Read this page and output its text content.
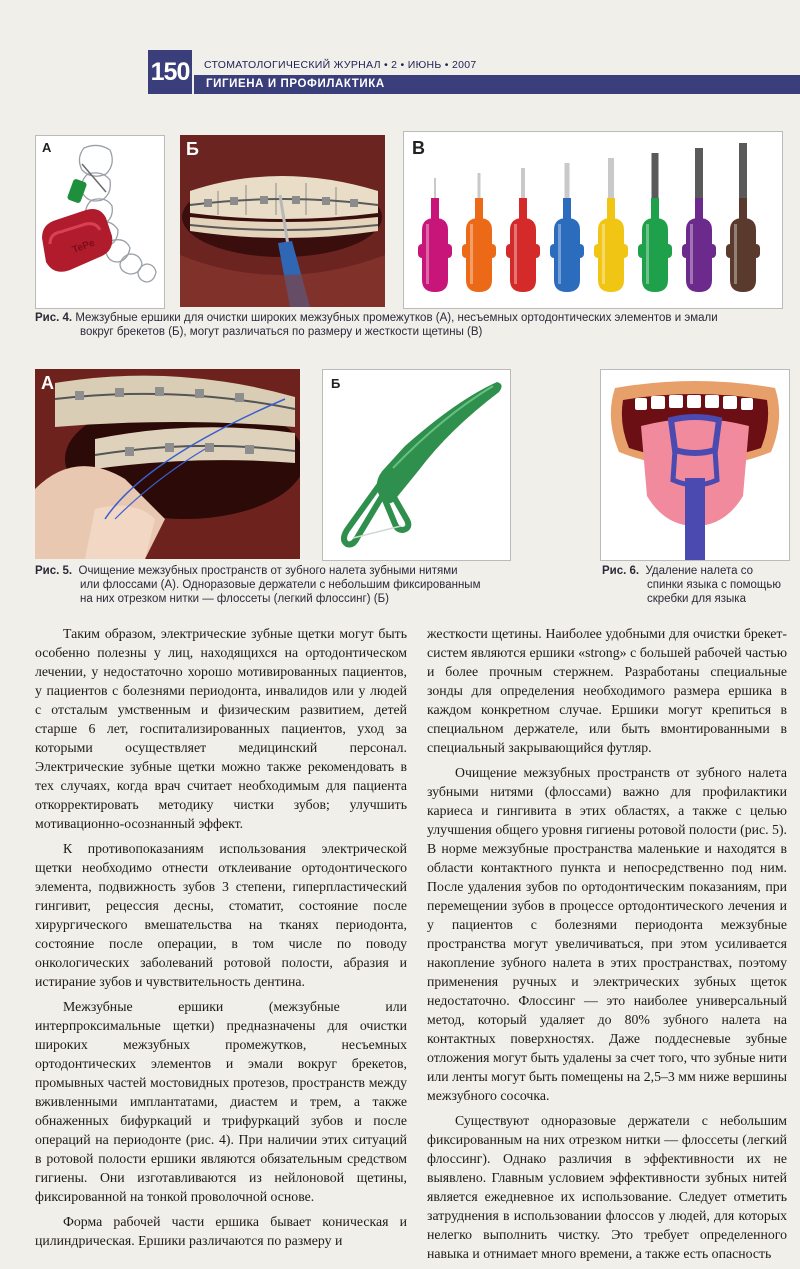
150 СТОМАТОЛОГИЧЕСКИЙ ЖУРНАЛ • 2 • ИЮНЬ • 2007
ГИГИЕНА И ПРОФИЛАКТИКА
TePe
А	Б	В
Рис. 4. Межзубные ершики для очистки широких межзубных промежутков (А), несъемных ортодонтических элементов и эмали
вокруг брекетов (Б), могут различаться по размеру и жесткости щетины (В)
А	Б
Рис. 5. Очищение межзубных пространств от зубного налета зубными нитями
или флоссами (А). Одноразовые держатели с небольшим фиксированным
на них отрезком нитки — флоссеты (легкий флоссинг) (Б)
Рис. 6. Удаление налета со
спинки языка с помощью
скребки для языка

Таким образом, электрические зубные щетки могут быть особенно полезны у лиц, находящихся на ортодонтическом лечении, у недостаточно хорошо мотивированных пациентов, у пациентов с болезнями периодонта, инвалидов или у людей с отсталым умственным и физическим развитием, детей старше 6 лет, госпитализированных пациентов, уход за которыми осуществляет медицинский персонал. Электрические зубные щетки можно также рекомендовать в тех случаях, когда врач считает необходимым для пациента откорректировать методику чистки зубов; улучшить мотивационно-осознанный эффект.

К противопоказаниям использования электрической щетки необходимо отнести отклеивание ортодонтического элемента, подвижность зубов 3 степени, гиперпластический гингивит, рецессия десны, стоматит, состояние после хирургического вмешательства на тканях периодонта, состояние после операции, в том числе по поводу онкологических заболеваний ротовой полости, абразия и истирание зубов и чувствительность дентина.

Межзубные ершики (межзубные или интерпроксимальные щетки) предназначены для очистки широких межзубных промежутков, несъемных ортодонтических элементов и эмали вокруг брекетов, промывных частей мостовидных протезов, пространств между вживленными имплантатами, диастем и трем, а также обнаженных бифуркаций и трифуркаций зубов и после операций на периодонте (рис. 4). При наличии этих ситуаций в ротовой полости ершики являются обязательным средством гигиены. Они изготавливаются из нейлоновой щетины, фиксированной на тонкой проволочной основе.

Форма рабочей части ершика бывает коническая и цилиндрическая. Ершики различаются по размеру и

жесткости щетины. Наиболее удобными для очистки брекет-систем являются ершики «strong» с большей рабочей частью и более прочным стержнем. Разработаны специальные зонды для определения необходимого размера ершика в каждом конкретном случае. Ершики могут крепиться в специальном держателе, или быть вмонтированными в специальный закрывающийся футляр.

Очищение межзубных пространств от зубного налета зубными нитями (флоссами) важно для профилактики кариеса и гингивита в этих областях, а также с целью улучшения общего уровня гигиены ротовой полости (рис. 5). В норме межзубные пространства маленькие и находятся в области контактного пункта и непосредственно под ним. После удаления зубов по ортодонтическим показаниям, при перемещении зубов в процессе ортодонтического лечения и у пациентов с болезнями периодонта межзубные пространства могут увеличиваться, при этом усиливается накопление зубного налета в этих пространствах, поэтому применения ручных и электрических зубных щеток недостаточно. Флоссинг — это наиболее универсальный метод, который удаляет до 80% зубного налета на контактных поверхностях. Даже поддесневые зубные отложения могут быть удалены за счет того, что зубные нити или ленты могут быть помещены на 2,5–3 мм ниже вершины межзубного сосочка.

Существуют одноразовые держатели с небольшим фиксированным на них отрезком нитки — флоссеты (легкий флоссинг). Однако различия в эффективности их не выявлено. Главным условием эффективности зубных нитей является ежедневное их использование. Следует отметить затруднения в использовании флоссов у людей, для которых нелегко выполнить чистку. Это требует определенного навыка и отнимает много времени, а также есть опасность
